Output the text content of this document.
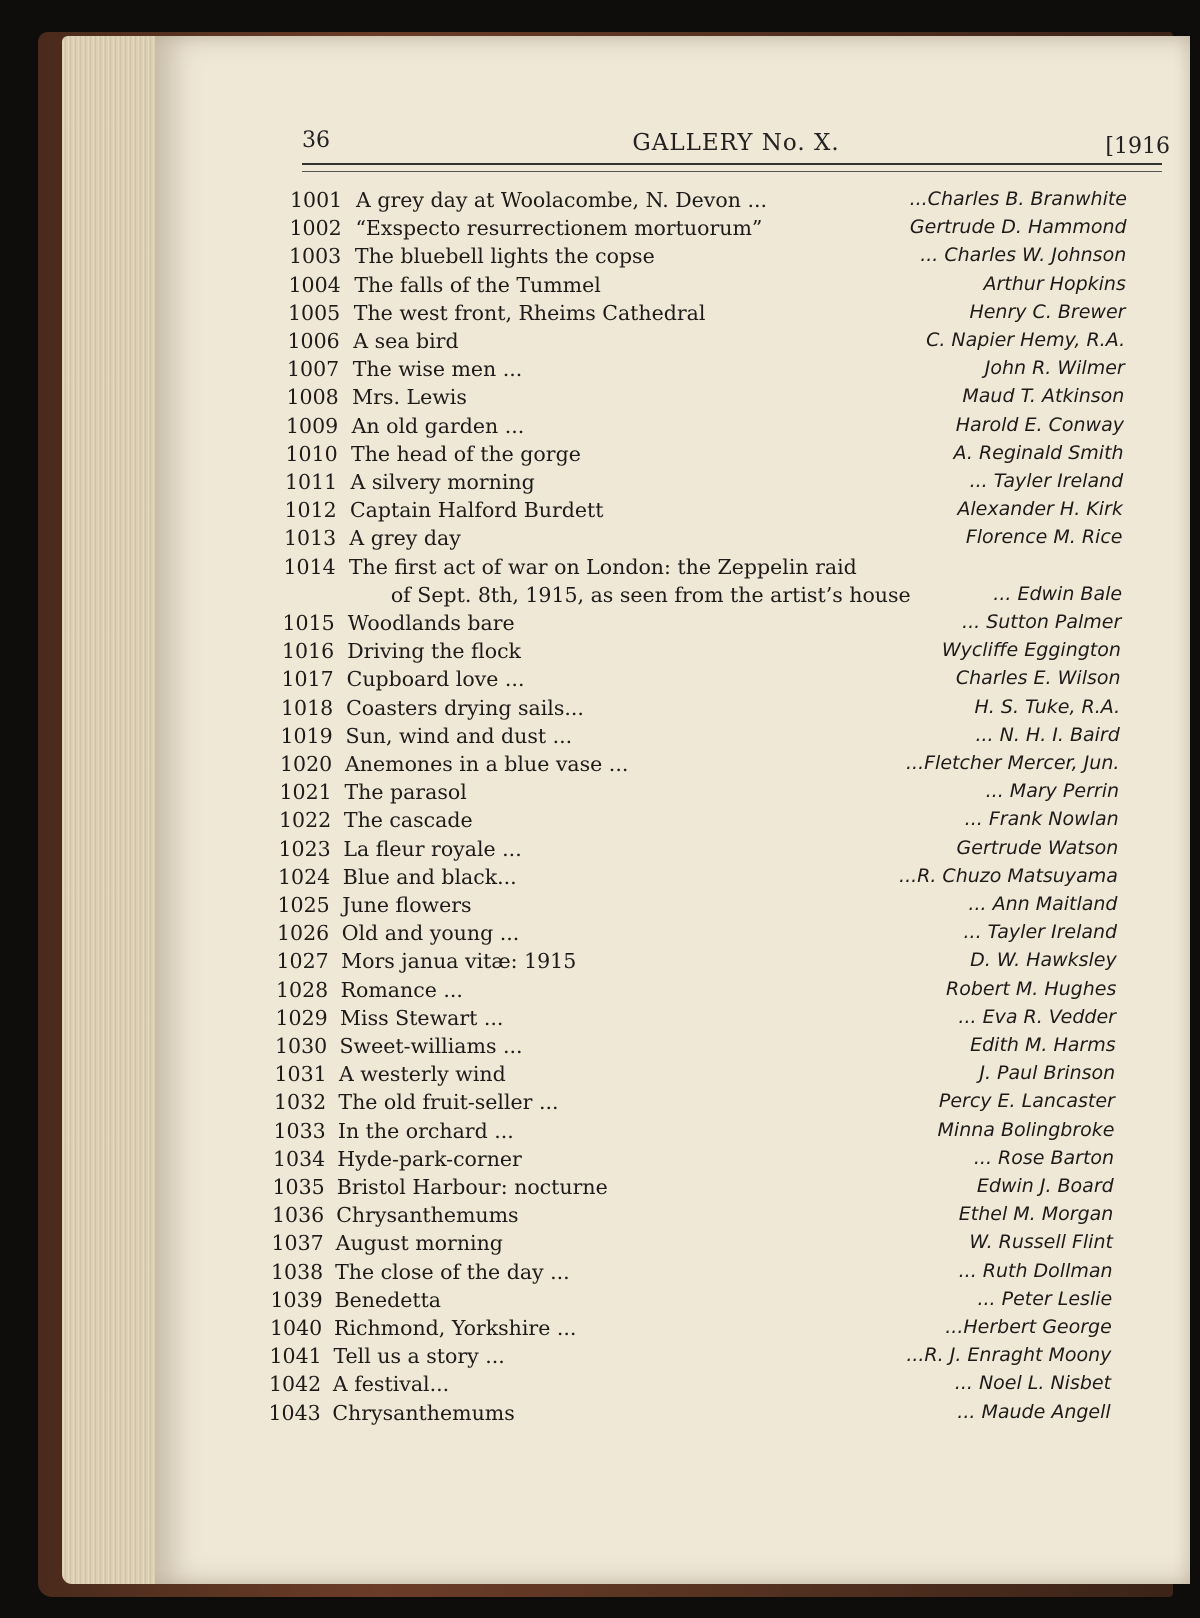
36	GALLERY No. X.	[1916
1001 A grey day at Woolacombe, N. Devon ...	...Charles B. Branwhite
1002 “Exspecto resurrectionem mortuorum”	Gertrude D. Hammond
1003 The bluebell lights the copse	... Charles W. Johnson
1004 The falls of the Tummel	Arthur Hopkins
1005 The west front, Rheims Cathedral	Henry C. Brewer
1006 A sea bird	C. Napier Hemy, R.A.
1007 The wise men ...	John R. Wilmer
1008 Mrs. Lewis	Maud T. Atkinson
1009 An old garden ...	Harold E. Conway
1010 The head of the gorge	A. Reginald Smith
1011 A silvery morning	... Tayler Ireland
1012 Captain Halford Burdett	Alexander H. Kirk
1013 A grey day	Florence M. Rice
1014 The first act of war on London: the Zeppelin raid
of Sept. 8th, 1915, as seen from the artist’s house	... Edwin Bale
1015 Woodlands bare	... Sutton Palmer
1016 Driving the flock	Wycliffe Eggington
1017 Cupboard love ...	Charles E. Wilson
1018 Coasters drying sails...	H. S. Tuke, R.A.
1019 Sun, wind and dust ...	... N. H. I. Baird
1020 Anemones in a blue vase ...	...Fletcher Mercer, Jun.
1021 The parasol	... Mary Perrin
1022 The cascade	... Frank Nowlan
1023 La fleur royale ...	Gertrude Watson
1024 Blue and black...	...R. Chuzo Matsuyama
1025 June flowers	... Ann Maitland
1026 Old and young ...	... Tayler Ireland
1027 Mors janua vitæ: 1915	D. W. Hawksley
1028 Romance ...	Robert M. Hughes
1029 Miss Stewart ...	... Eva R. Vedder
1030 Sweet-williams ...	Edith M. Harms
1031 A westerly wind	J. Paul Brinson
1032 The old fruit-seller ...	Percy E. Lancaster
1033 In the orchard ...	Minna Bolingbroke
1034 Hyde-park-corner	... Rose Barton
1035 Bristol Harbour: nocturne	Edwin J. Board
1036 Chrysanthemums	Ethel M. Morgan
1037 August morning	W. Russell Flint
1038 The close of the day ...	... Ruth Dollman
1039 Benedetta	... Peter Leslie
1040 Richmond, Yorkshire ...	...Herbert George
1041 Tell us a story ...	...R. J. Enraght Moony
1042 A festival...	... Noel L. Nisbet
1043 Chrysanthemums	... Maude Angell
